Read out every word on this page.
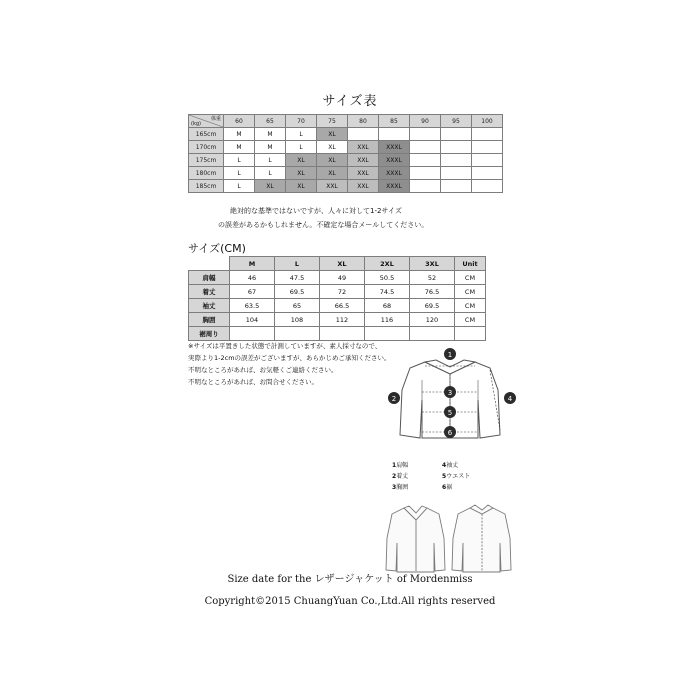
サイズ表
体重
(kg)	60	65	70	75	80	85	90	95	100
165cm	M	M	L	XL					
170cm	M	M	L	XL	XXL	XXXL			
175cm	L	L	XL	XL	XXL	XXXL			
180cm	L	L	XL	XL	XXL	XXXL			
185cm	L	XL	XL	XXL	XXL	XXXL			
絶対的な基準ではないですが、人々に対して1-2サイズ
の誤差があるかもしれません。不確定な場合メールしてください。
サイズ(CM)
	M	L	XL	2XL	3XL	Unit
肩幅	46	47.5	49	50.5	52	CM
着丈	67	69.5	72	74.5	76.5	CM
袖丈	63.5	65	66.5	68	69.5	CM
胸囲	104	108	112	116	120	CM
裾周り						
※サイズは平置きした状態で計測していますが、素人採寸なので、
実際より1-2cmの誤差がございますが、あらかじめご承知ください。
不明なところがあれば、お気軽くご連絡ください。
不明なところがあれば、お問合せください。
1
2
3
4
5
6
1肩幅	4袖丈
2着丈	5ウエスト
3胸囲	6裾
Size date for the レザージャケット of Mordenmiss
Copyright©2015 ChuangYuan Co.,Ltd.All rights reserved
